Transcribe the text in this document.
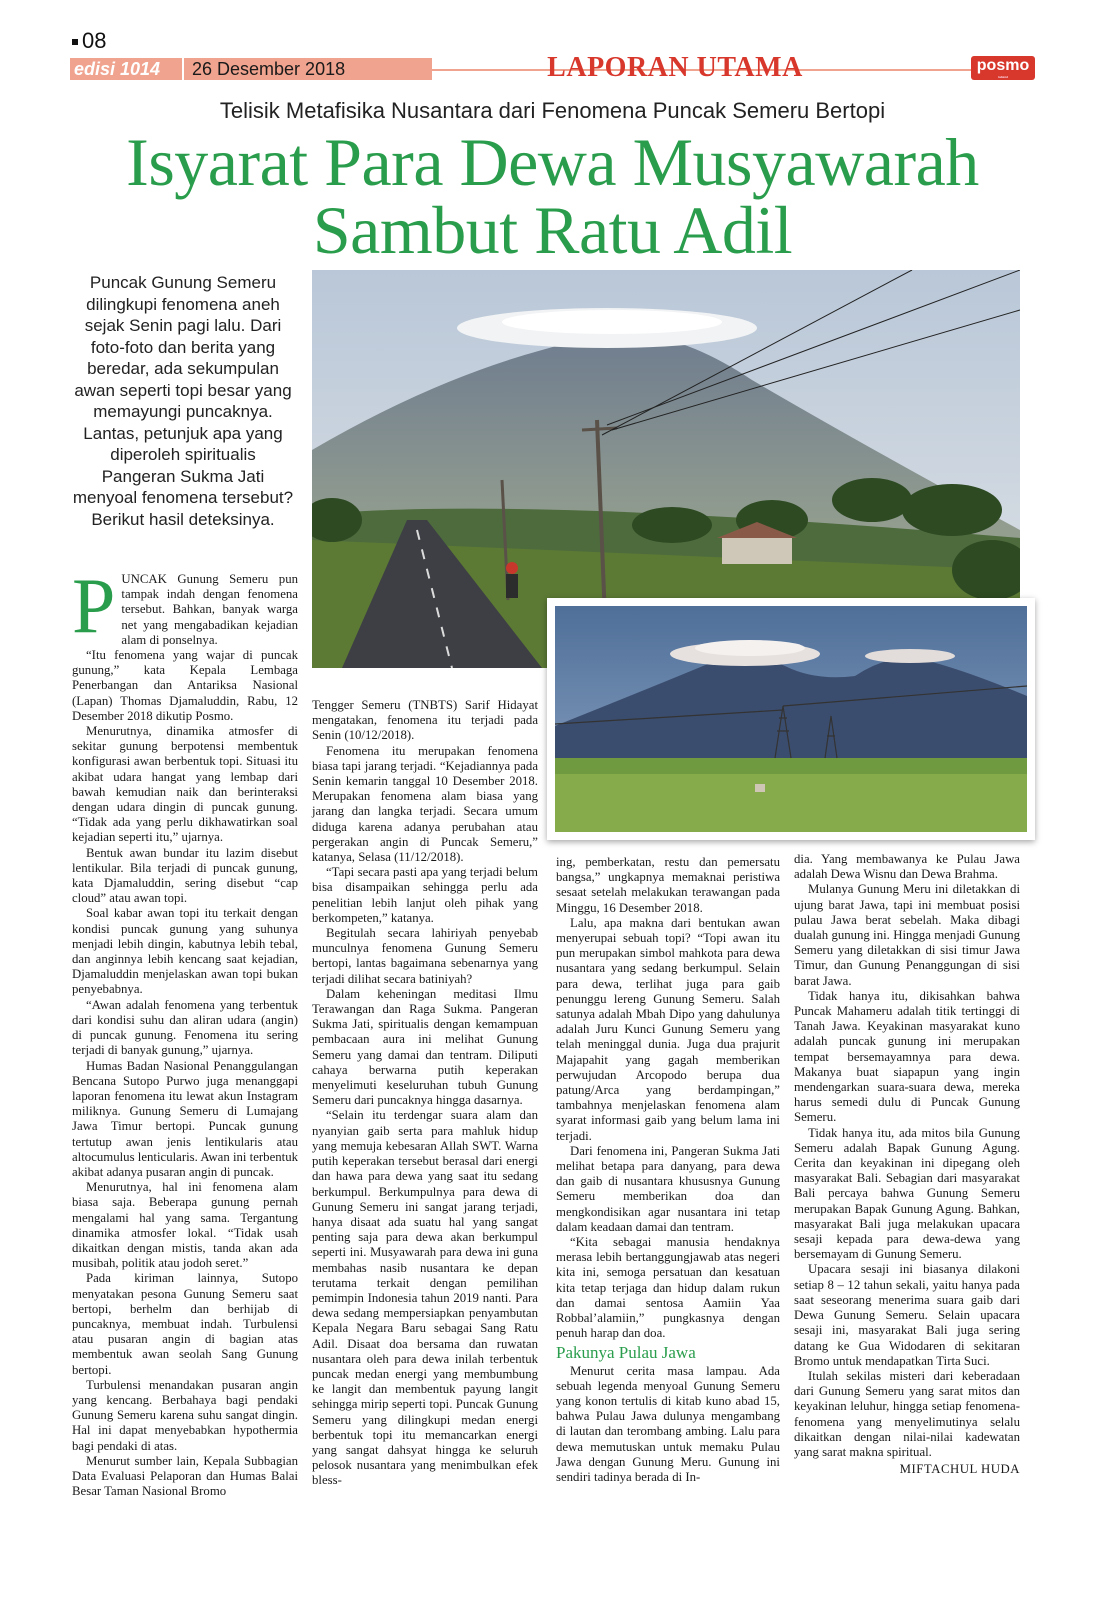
08
edisi 1014	26 Desember 2018	LAPORAN UTAMA	posmo
tabloid
Telisik Metafisika Nusantara dari Fenomena Puncak Semeru Bertopi
Isyarat Para Dewa Musyawarah
Sambut Ratu Adil
Puncak Gunung Semeru dilingkupi fenomena aneh sejak Senin pagi lalu. Dari foto-foto dan berita yang beredar, ada sekumpulan awan seperti topi besar yang memayungi puncaknya. Lantas, petunjuk apa yang diperoleh spiritualis Pangeran Sukma Jati menyoal fenomena tersebut? Berikut hasil deteksinya.
P UNCAK Gunung Semeru pun tampak indah dengan fenomena tersebut. Bahkan, banyak warga net yang mengabadikan kejadian alam di ponselnya.

“Itu fenomena yang wajar di puncak gunung,” kata Kepala Lembaga Penerbangan dan Antariksa Nasional (Lapan) Thomas Djamaluddin, Rabu, 12 Desember 2018 dikutip Posmo.

Menurutnya, dinamika atmosfer di sekitar gunung berpotensi membentuk konfigurasi awan berbentuk topi. Situasi itu akibat udara hangat yang lembap dari bawah kemudian naik dan berinteraksi dengan udara dingin di puncak gunung. “Tidak ada yang perlu dikhawatirkan soal kejadian seperti itu,” ujarnya.

Bentuk awan bundar itu lazim disebut lentikular. Bila terjadi di puncak gunung, kata Djamaluddin, sering disebut “cap cloud” atau awan topi.

Soal kabar awan topi itu terkait dengan kondisi puncak gunung yang suhunya menjadi lebih dingin, kabutnya lebih tebal, dan anginnya lebih kencang saat kejadian, Djamaluddin menjelaskan awan topi bukan penyebabnya.

“Awan adalah fenomena yang terbentuk dari kondisi suhu dan aliran udara (angin) di puncak gunung. Fenomena itu sering terjadi di banyak gunung,” ujarnya.

Humas Badan Nasional Penanggulangan Bencana Sutopo Purwo juga menanggapi laporan fenomena itu lewat akun Instagram miliknya. Gunung Semeru di Lumajang Jawa Timur bertopi. Puncak gunung tertutup awan jenis lentikularis atau altocumulus lenticularis. Awan ini terbentuk akibat adanya pusaran angin di puncak.

Menurutnya, hal ini fenomena alam biasa saja. Beberapa gunung pernah mengalami hal yang sama. Tergantung dinamika atmosfer lokal. “Tidak usah dikaitkan dengan mistis, tanda akan ada musibah, politik atau jodoh seret.”

Pada kiriman lainnya, Sutopo menyatakan pesona Gunung Semeru saat bertopi, berhelm dan berhijab di puncaknya, membuat indah. Turbulensi atau pusaran angin di bagian atas membentuk awan seolah Sang Gunung bertopi.

Turbulensi menandakan pusaran angin yang kencang. Berbahaya bagi pendaki Gunung Semeru karena suhu sangat dingin. Hal ini dapat menyebabkan hypothermia bagi pendaki di atas.

Menurut sumber lain, Kepala Subbagian Data Evaluasi Pelaporan dan Humas Balai Besar Taman Nasional Bromo

Tengger Semeru (TNBTS) Sarif Hidayat mengatakan, fenomena itu terjadi pada Senin (10/12/2018).

Fenomena itu merupakan fenomena biasa tapi jarang terjadi. “Kejadiannya pada Senin kemarin tanggal 10 Desember 2018. Merupakan fenomena alam biasa yang jarang dan langka terjadi. Secara umum diduga karena adanya perubahan atau pergerakan angin di Puncak Semeru,” katanya, Selasa (11/12/2018).

“Tapi secara pasti apa yang terjadi belum bisa disampaikan sehingga perlu ada penelitian lebih lanjut oleh pihak yang berkompeten,” katanya.

Begitulah secara lahiriyah penyebab munculnya fenomena Gunung Semeru bertopi, lantas bagaimana sebenarnya yang terjadi dilihat secara batiniyah?

Dalam keheningan meditasi Ilmu Terawangan dan Raga Sukma. Pangeran Sukma Jati, spiritualis dengan kemampuan pembacaan aura ini melihat Gunung Semeru yang damai dan tentram. Diliputi cahaya berwarna putih keperakan menyelimuti keseluruhan tubuh Gunung Semeru dari puncaknya hingga dasarnya.

“Selain itu terdengar suara alam dan nyanyian gaib serta para mahluk hidup yang memuja kebesaran Allah SWT. Warna putih keperakan tersebut berasal dari energi dan hawa para dewa yang saat itu sedang berkumpul. Berkumpulnya para dewa di Gunung Semeru ini sangat jarang terjadi, hanya disaat ada suatu hal yang sangat penting saja para dewa akan berkumpul seperti ini. Musyawarah para dewa ini guna membahas nasib nusantara ke depan terutama terkait dengan pemilihan pemimpin Indonesia tahun 2019 nanti. Para dewa sedang mempersiapkan penyambutan Kepala Negara Baru sebagai Sang Ratu Adil. Disaat doa bersama dan ruwatan nusantara oleh para dewa inilah terbentuk puncak medan energi yang membumbung ke langit dan membentuk payung langit sehingga mirip seperti topi. Puncak Gunung Semeru yang dilingkupi medan energi berbentuk topi itu memancarkan energi yang sangat dahsyat hingga ke seluruh pelosok nusantara yang menimbulkan efek bless-

ing, pemberkatan, restu dan pemersatu bangsa,” ungkapnya memaknai peristiwa sesaat setelah melakukan terawangan pada Minggu, 16 Desember 2018.

Lalu, apa makna dari bentukan awan menyerupai sebuah topi? “Topi awan itu pun merupakan simbol mahkota para dewa nusantara yang sedang berkumpul. Selain para dewa, terlihat juga para gaib penunggu lereng Gunung Semeru. Salah satunya adalah Mbah Dipo yang dahulunya adalah Juru Kunci Gunung Semeru yang telah meninggal dunia. Juga dua prajurit Majapahit yang gagah memberikan perwujudan Arcopodo berupa dua patung/Arca yang berdampingan,” tambahnya menjelaskan fenomena alam syarat informasi gaib yang belum lama ini terjadi.

Dari fenomena ini, Pangeran Sukma Jati melihat betapa para danyang, para dewa dan gaib di nusantara khususnya Gunung Semeru memberikan doa dan mengkondisikan agar nusantara ini tetap dalam keadaan damai dan tentram.

“Kita sebagai manusia hendaknya merasa lebih bertanggungjawab atas negeri kita ini, semoga persatuan dan kesatuan kita tetap terjaga dan hidup dalam rukun dan damai sentosa Aamiin Yaa Robbal’alamiin,” pungkasnya dengan penuh harap dan doa.

Pakunya Pulau Jawa

Menurut cerita masa lampau. Ada sebuah legenda menyoal Gunung Semeru yang konon tertulis di kitab kuno abad 15, bahwa Pulau Jawa dulunya mengambang di lautan dan terombang ambing. Lalu para dewa memutuskan untuk memaku Pulau Jawa dengan Gunung Meru. Gunung ini sendiri tadinya berada di In-

dia. Yang membawanya ke Pulau Jawa adalah Dewa Wisnu dan Dewa Brahma.

Mulanya Gunung Meru ini diletakkan di ujung barat Jawa, tapi ini membuat posisi pulau Jawa berat sebelah. Maka dibagi dualah gunung ini. Hingga menjadi Gunung Semeru yang diletakkan di sisi timur Jawa Timur, dan Gunung Penanggungan di sisi barat Jawa.

Tidak hanya itu, dikisahkan bahwa Puncak Mahameru adalah titik tertinggi di Tanah Jawa. Keyakinan masyarakat kuno adalah puncak gunung ini merupakan tempat bersemayamnya para dewa. Makanya buat siapapun yang ingin mendengarkan suara-suara dewa, mereka harus semedi dulu di Puncak Gunung Semeru.

Tidak hanya itu, ada mitos bila Gunung Semeru adalah Bapak Gunung Agung. Cerita dan keyakinan ini dipegang oleh masyarakat Bali. Sebagian dari masyarakat Bali percaya bahwa Gunung Semeru merupakan Bapak Gunung Agung. Bahkan, masyarakat Bali juga melakukan upacara sesaji kepada para dewa-dewa yang bersemayam di Gunung Semeru.

Upacara sesaji ini biasanya dilakoni setiap 8 – 12 tahun sekali, yaitu hanya pada saat seseorang menerima suara gaib dari Dewa Gunung Semeru. Selain upacara sesaji ini, masyarakat Bali juga sering datang ke Gua Widodaren di sekitaran Bromo untuk mendapatkan Tirta Suci.

Itulah sekilas misteri dari keberadaan dari Gunung Semeru yang sarat mitos dan keyakinan leluhur, hingga setiap fenomena-fenomena yang menyelimutinya selalu dikaitkan dengan nilai-nilai kadewatan yang sarat makna spiritual.

MIFTACHUL HUDA
